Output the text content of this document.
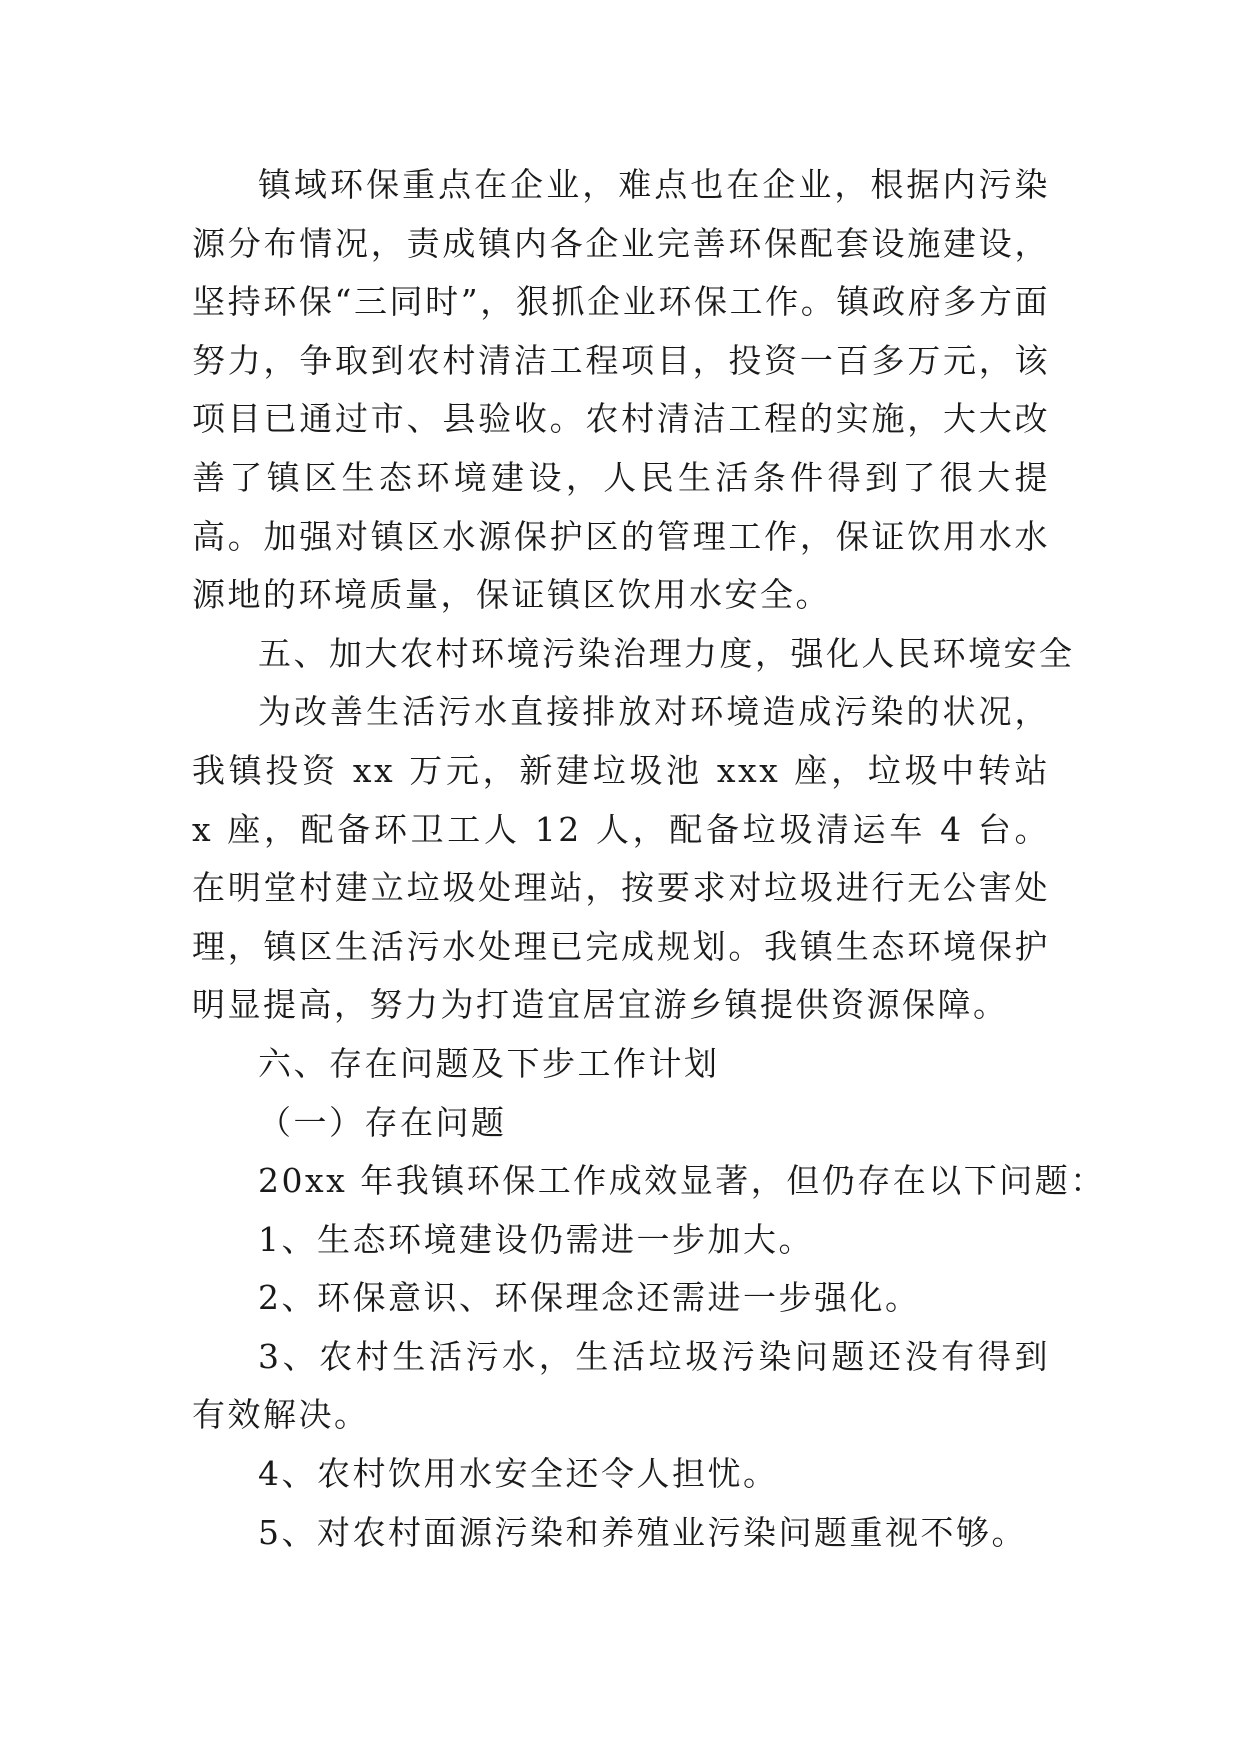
镇域环保重点在企业，难点也在企业，根据内污染源分布情况，责成镇内各企业完善环保配套设施建设，坚持环保“三同时”，狠抓企业环保工作。镇政府多方面努力，争取到农村清洁工程项目，投资一百多万元，该项目已通过市、县验收。农村清洁工程的实施，大大改善了镇区生态环境建设，人民生活条件得到了很大提高。加强对镇区水源保护区的管理工作，保证饮用水水源地的环境质量，保证镇区饮用水安全。

五、加大农村环境污染治理力度，强化人民环境安全

为改善生活污水直接排放对环境造成污染的状况，我镇投资 xx 万元，新建垃圾池 xxx 座，垃圾中转站 x 座，配备环卫工人 12 人，配备垃圾清运车 4 台。在明堂村建立垃圾处理站，按要求对垃圾进行无公害处理，镇区生活污水处理已完成规划。我镇生态环境保护明显提高，努力为打造宜居宜游乡镇提供资源保障。

六、存在问题及下步工作计划

（一）存在问题

20xx 年我镇环保工作成效显著，但仍存在以下问题：

1、生态环境建设仍需进一步加大。

2、环保意识、环保理念还需进一步强化。

3、农村生活污水，生活垃圾污染问题还没有得到有效解决。

4、农村饮用水安全还令人担忧。

5、对农村面源污染和养殖业污染问题重视不够。
